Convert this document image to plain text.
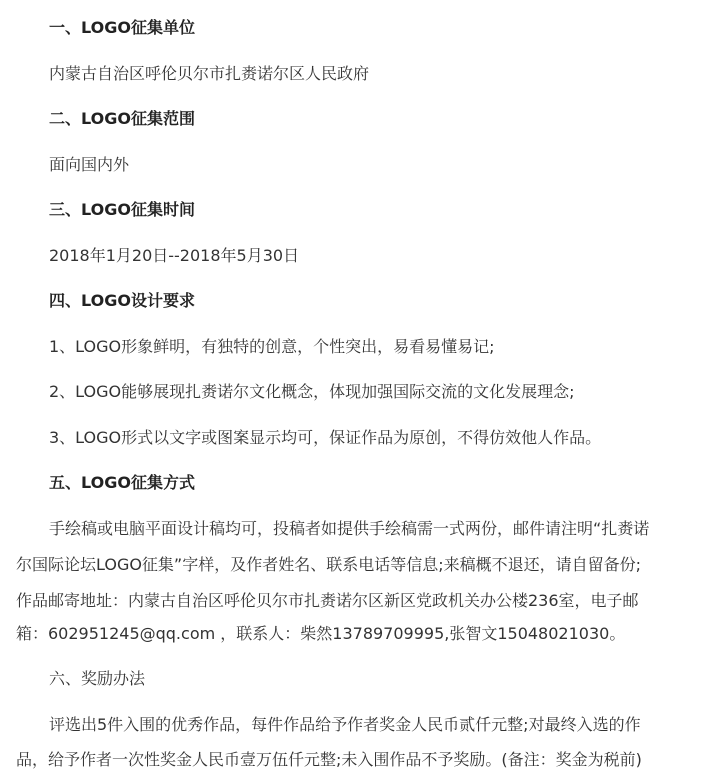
一、LOGO征集单位
内蒙古自治区呼伦贝尔市扎赉诺尔区人民政府
二、LOGO征集范围
面向国内外
三、LOGO征集时间
2018年1月20日--2018年5月30日
四、LOGO设计要求
1、LOGO形象鲜明，有独特的创意，个性突出，易看易懂易记;
2、LOGO能够展现扎赉诺尔文化概念，体现加强国际交流的文化发展理念;
3、LOGO形式以文字或图案显示均可，保证作品为原创，不得仿效他人作品。
五、LOGO征集方式
手绘稿或电脑平面设计稿均可，投稿者如提供手绘稿需一式两份，邮件请注明“扎赉诺
尔国际论坛LOGO征集”字样，及作者姓名、联系电话等信息;来稿概不退还，请自留备份;
作品邮寄地址：内蒙古自治区呼伦贝尔市扎赉诺尔区新区党政机关办公楼236室，电子邮
箱：602951245@qq.com ，联系人：柴然13789709995,张智文15048021030。
六、奖励办法
评选出5件入围的优秀作品，每件作品给予作者奖金人民币贰仟元整;对最终入选的作
品，给予作者一次性奖金人民币壹万伍仟元整;未入围作品不予奖励。(备注：奖金为税前)
